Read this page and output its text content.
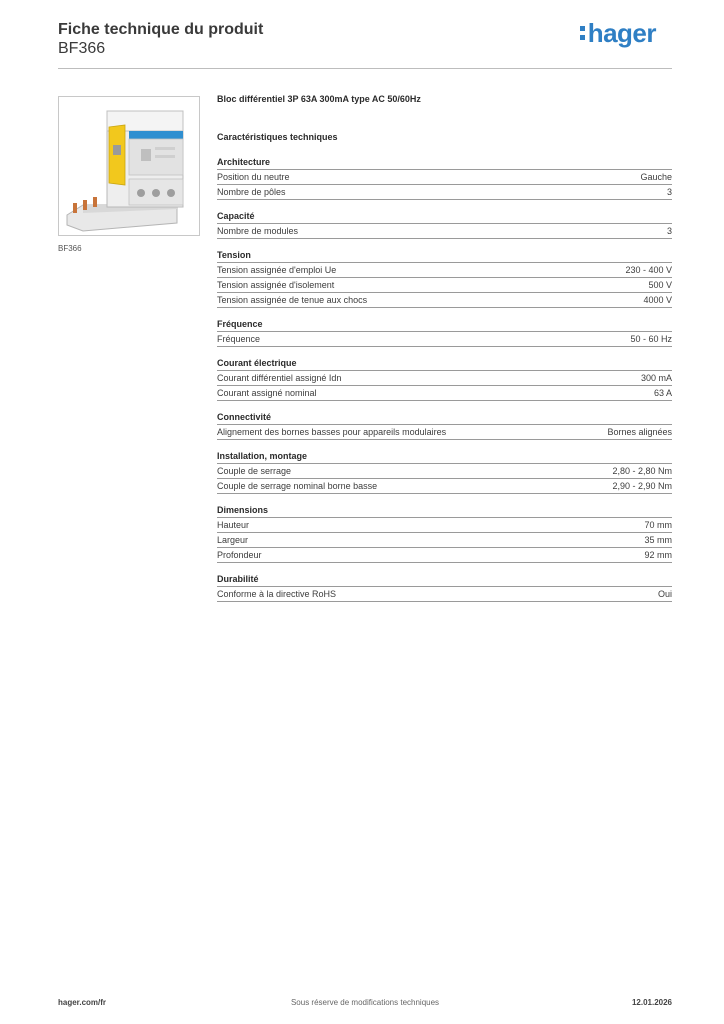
Fiche technique du produit
BF366
hager
BF366
Bloc différentiel 3P 63A 300mA type AC 50/60Hz
Caractéristiques techniques
Architecture
Position du neutre	Gauche
Nombre de pôles	3
Capacité
Nombre de modules	3
Tension
Tension assignée d'emploi Ue	230 - 400 V
Tension assignée d'isolement	500 V
Tension assignée de tenue aux chocs	4000 V
Fréquence
Fréquence	50 - 60 Hz
Courant électrique
Courant différentiel assigné Idn	300 mA
Courant assigné nominal	63 A
Connectivité
Alignement des bornes basses pour appareils modulaires	Bornes alignées
Installation, montage
Couple de serrage	2,80 - 2,80 Nm
Couple de serrage nominal borne basse	2,90 - 2,90 Nm
Dimensions
Hauteur	70 mm
Largeur	35 mm
Profondeur	92 mm
Durabilité
Conforme à la directive RoHS	Oui
hager.com/fr	Sous réserve de modifications techniques	12.01.2026
